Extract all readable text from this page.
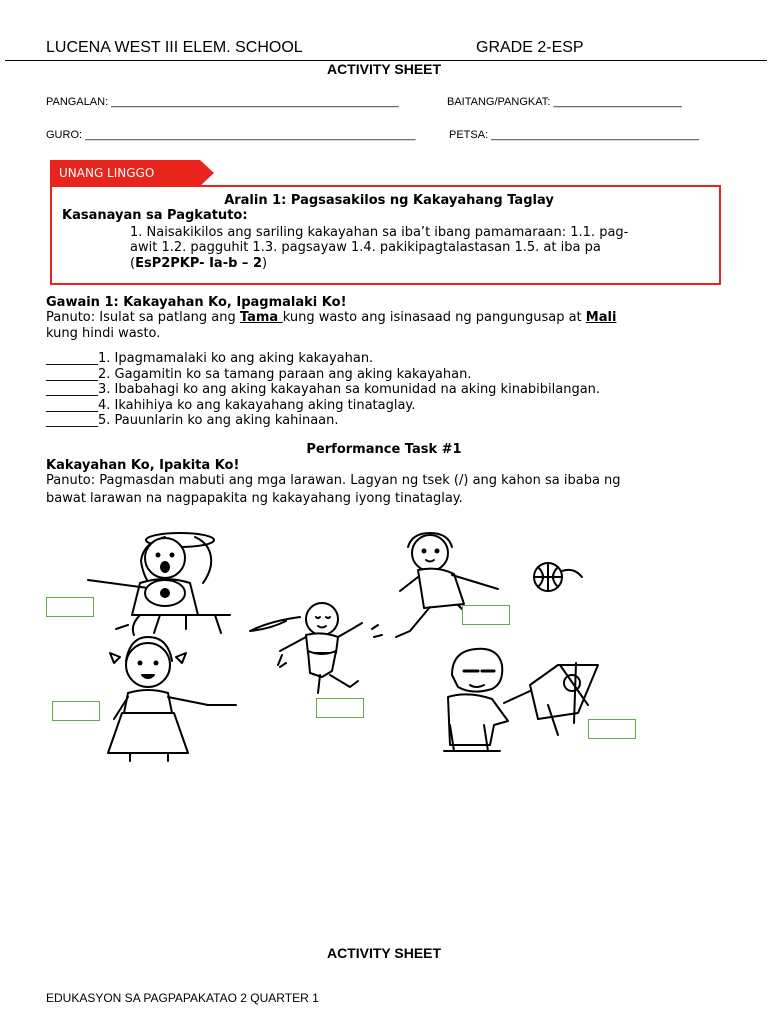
LUCENA WEST III ELEM. SCHOOL	GRADE 2-ESP
ACTIVITY SHEET
PANGALAN: _______________________________________________	BAITANG/PANGKAT: _____________________
GURO: ______________________________________________________	PETSA: __________________________________
UNANG LINGGO
Aralin 1: Pagsasakilos ng Kakayahang Taglay
Kasanayan sa Pagkatuto:
1. Naisakikilos ang sariling kakayahan sa iba’t ibang pamamaraan: 1.1. pag-
awit 1.2. pagguhit 1.3. pagsayaw 1.4. pakikipagtalastasan 1.5. at iba pa
(EsP2PKP- Ia-b – 2)
Gawain 1: Kakayahan Ko, Ipagmalaki Ko!
Panuto: Isulat sa patlang ang Tama kung wasto ang isinasaad ng pangungusap at Mali
kung hindi wasto.
________1. Ipagmamalaki ko ang aking kakayahan.
________2. Gagamitin ko sa tamang paraan ang aking kakayahan.
________3. Ibabahagi ko ang aking kakayahan sa komunidad na aking kinabibilangan.
________4. Ikahihiya ko ang kakayahang aking tinataglay.
________5. Pauunlarin ko ang aking kahinaan.
Performance Task #1
Kakayahan Ko, Ipakita Ko!
Panuto: Pagmasdan mabuti ang mga larawan. Lagyan ng tsek (/) ang kahon sa ibaba ng
bawat larawan na nagpapakita ng kakayahang iyong tinataglay.
ACTIVITY SHEET
EDUKASYON SA PAGPAPAKATAO 2 QUARTER 1
